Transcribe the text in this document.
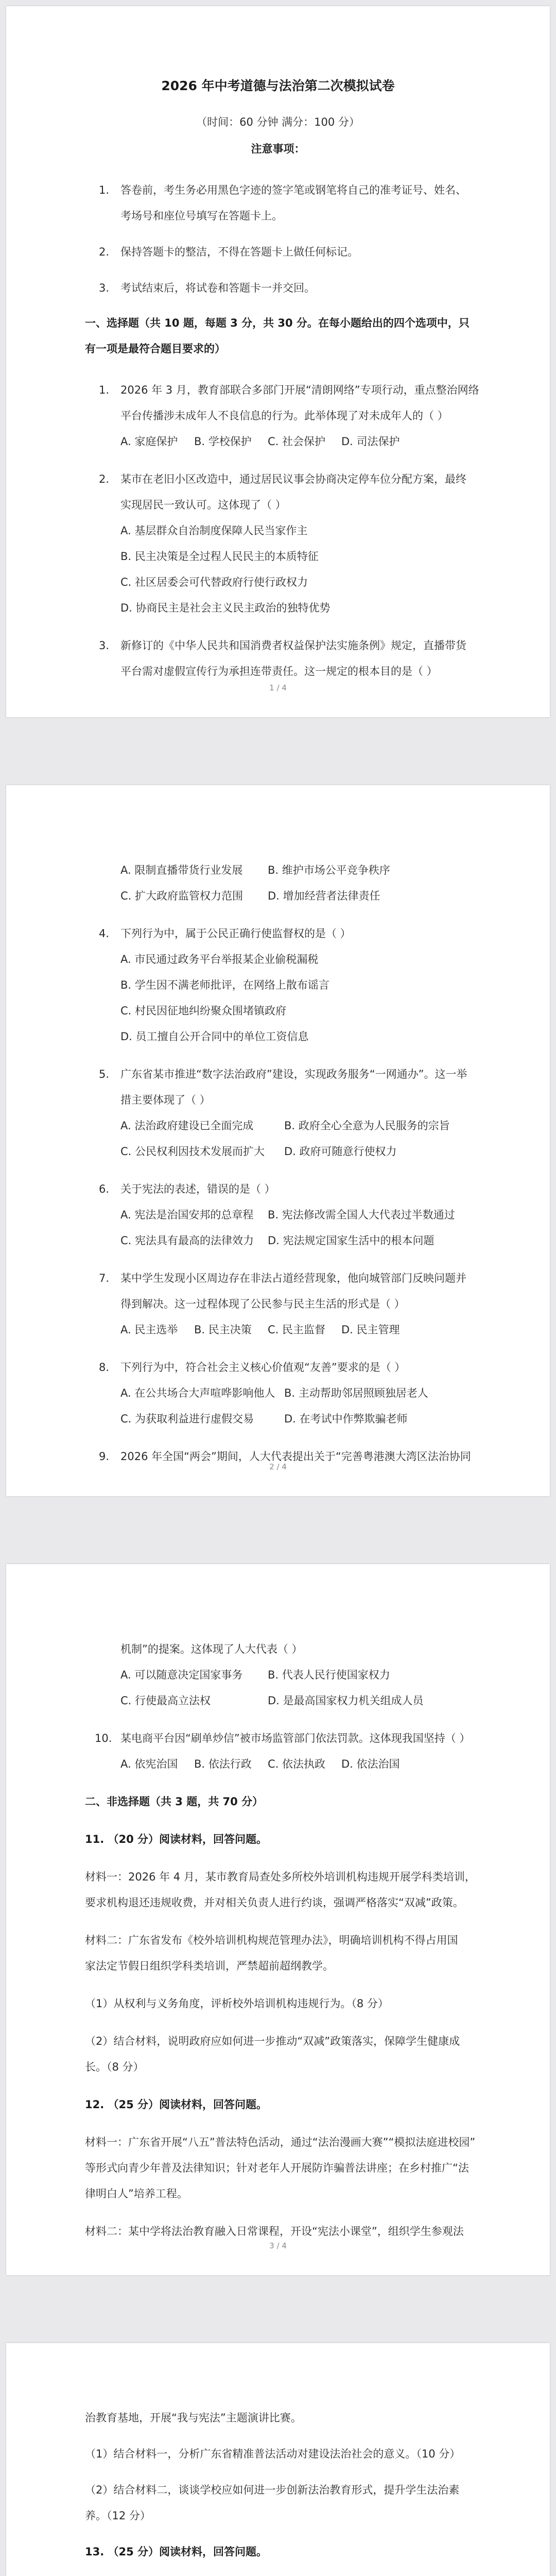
2026 年中考道德与法治第二次模拟试卷
（时间：60 分钟 满分：100 分）
注意事项：
1. 答卷前，考生务必用黑色字迹的签字笔或钢笔将自己的准考证号、姓名、
考场号和座位号填写在答题卡上。
2. 保持答题卡的整洁，不得在答题卡上做任何标记。
3. 考试结束后，将试卷和答题卡一并交回。
一、选择题（共 10 题，每题 3 分，共 30 分。在每小题给出的四个选项中，只
有一项是最符合题目要求的）
1. 2026 年 3 月，教育部联合多部门开展“清朗网络”专项行动，重点整治网络
平台传播涉未成年人不良信息的行为。此举体现了对未成年人的（ ）
A. 家庭保护 B. 学校保护 C. 社会保护 D. 司法保护
2. 某市在老旧小区改造中，通过居民议事会协商决定停车位分配方案，最终
实现居民一致认可。这体现了（ ）
A. 基层群众自治制度保障人民当家作主
B. 民主决策是全过程人民民主的本质特征
C. 社区居委会可代替政府行使行政权力
D. 协商民主是社会主义民主政治的独特优势
3. 新修订的《中华人民共和国消费者权益保护法实施条例》规定，直播带货
平台需对虚假宣传行为承担连带责任。这一规定的根本目的是（ ）
1 / 4
A. 限制直播带货行业发展 B. 维护市场公平竞争秩序
C. 扩大政府监管权力范围 D. 增加经营者法律责任
4. 下列行为中，属于公民正确行使监督权的是（ ）
A. 市民通过政务平台举报某企业偷税漏税
B. 学生因不满老师批评，在网络上散布谣言
C. 村民因征地纠纷聚众围堵镇政府
D. 员工擅自公开合同中的单位工资信息
5. 广东省某市推进“数字法治政府”建设，实现政务服务“一网通办”。这一举
措主要体现了（ ）
A. 法治政府建设已全面完成	B. 政府全心全意为人民服务的宗旨
C. 公民权利因技术发展而扩大 D. 政府可随意行使权力
6. 关于宪法的表述，错误的是（ ）
A. 宪法是治国安邦的总章程 B. 宪法修改需全国人大代表过半数通过
C. 宪法具有最高的法律效力 D. 宪法规定国家生活中的根本问题
7. 某中学生发现小区周边存在非法占道经营现象，他向城管部门反映问题并
得到解决。这一过程体现了公民参与民主生活的形式是（ ）
A. 民主选举 B. 民主决策 C. 民主监督 D. 民主管理
8. 下列行为中，符合社会主义核心价值观“友善”要求的是（ ）
A. 在公共场合大声喧哗影响他人 B. 主动帮助邻居照顾独居老人
C. 为获取利益进行虚假交易	D. 在考试中作弊欺骗老师
9. 2026 年全国“两会”期间，人大代表提出关于“完善粤港澳大湾区法治协同
2 / 4
机制”的提案。这体现了人大代表（ ）
A. 可以随意决定国家事务 B. 代表人民行使国家权力
C. 行使最高立法权	D. 是最高国家权力机关组成人员
10. 某电商平台因“刷单炒信”被市场监管部门依法罚款。这体现我国坚持（ ）
A. 依宪治国 B. 依法行政 C. 依法执政 D. 依法治国
二、非选择题（共 3 题，共 70 分）
11. （20 分）阅读材料，回答问题。
材料一：2026 年 4 月，某市教育局查处多所校外培训机构违规开展学科类培训，
要求机构退还违规收费，并对相关负责人进行约谈，强调严格落实“双减”政策。
材料二：广东省发布《校外培训机构规范管理办法》，明确培训机构不得占用国
家法定节假日组织学科类培训，严禁超前超纲教学。
（1）从权利与义务角度，评析校外培训机构违规行为。（8 分）
（2）结合材料，说明政府应如何进一步推动“双减”政策落实，保障学生健康成
长。（8 分）
12. （25 分）阅读材料，回答问题。
材料一：广东省开展“八五”普法特色活动，通过“法治漫画大赛”“模拟法庭进校园”
等形式向青少年普及法律知识；针对老年人开展防诈骗普法讲座；在乡村推广“法
律明白人”培养工程。
材料二：某中学将法治教育融入日常课程，开设“宪法小课堂”，组织学生参观法
3 / 4
治教育基地，开展“我与宪法”主题演讲比赛。
（1）结合材料一，分析广东省精准普法活动对建设法治社会的意义。（10 分）
（2）结合材料二，谈谈学校应如何进一步创新法治教育形式，提升学生法治素
养。（12 分）
13. （25 分）阅读材料，回答问题。
